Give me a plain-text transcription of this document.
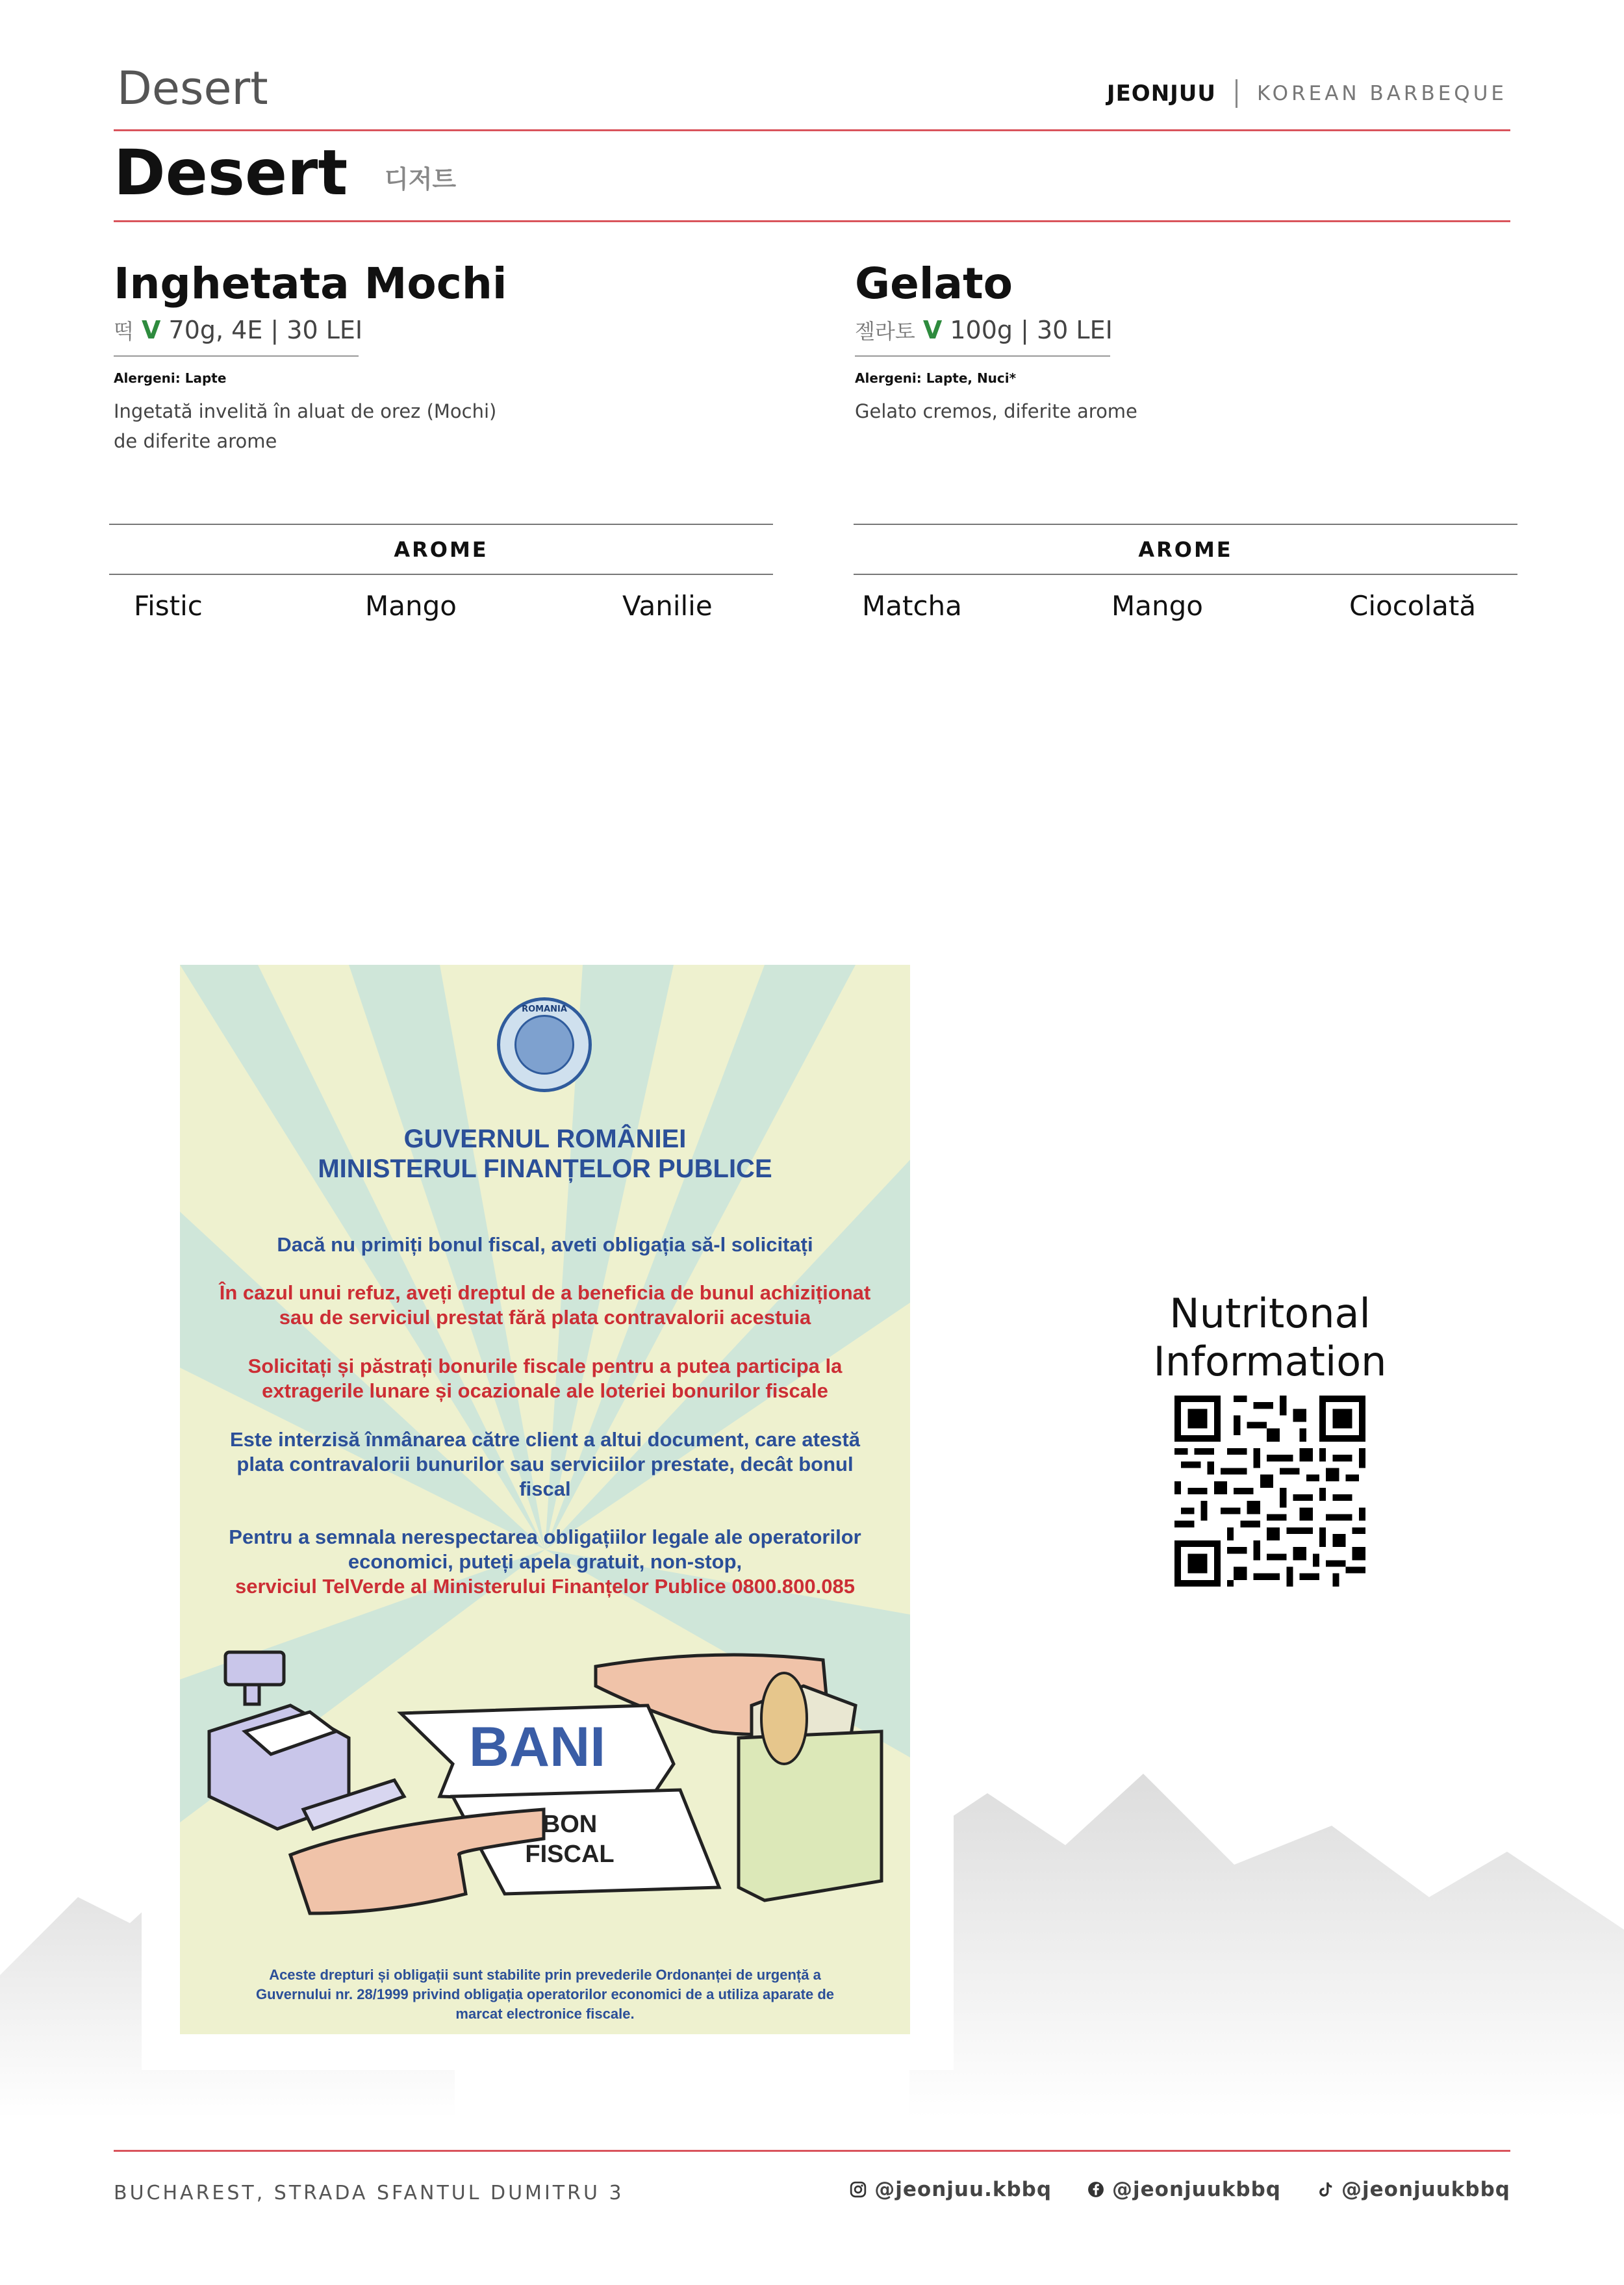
Desert	JEONJUU KOREAN BARBEQUE
Desert 디저트
Inghetata Mochi
떡 V 70g, 4E | 30 LEI
Alergeni: Lapte
Ingetată invelită în aluat de orez (Mochi)
de diferite arome
AROME
Fistic	Mango	Vanilie
Gelato
젤라토 V 100g | 30 LEI
Alergeni: Lapte, Nuci*
Gelato cremos, diferite arome
AROME
Matcha	Mango	Ciocolată
ROMANIA
GUVERNUL ROMÂNIEI
MINISTERUL FINANȚELOR PUBLICE
Dacă nu primiți bonul fiscal, aveti obligația să-l solicitați
În cazul unui refuz, aveți dreptul de a beneficia de bunul achiziționat
sau de serviciul prestat fără plata contravalorii acestuia
Solicitați și păstrați bonurile fiscale pentru a putea participa la
extragerile lunare și ocazionale ale loteriei bonurilor fiscale
Este interzisă înmânarea către client a altui document, care atestă
plata contravalorii bunurilor sau serviciilor prestate, decât bonul
fiscal
Pentru a semnala nerespectarea obligațiilor legale ale operatorilor
economici, puteți apela gratuit, non-stop,
serviciul TelVerde al Ministerului Finanțelor Publice 0800.800.085
BANI
BON
FISCAL
Aceste drepturi și obligații sunt stabilite prin prevederile Ordonanței de urgență a
Guvernului nr. 28/1999 privind obligația operatorilor economici de a utiliza aparate de
marcat electronice fiscale.
Nutritonal
Information
BUCHAREST, STRADA SFANTUL DUMITRU 3	@jeonjuu.kbbq	@jeonjuukbbq	@jeonjuukbbq
